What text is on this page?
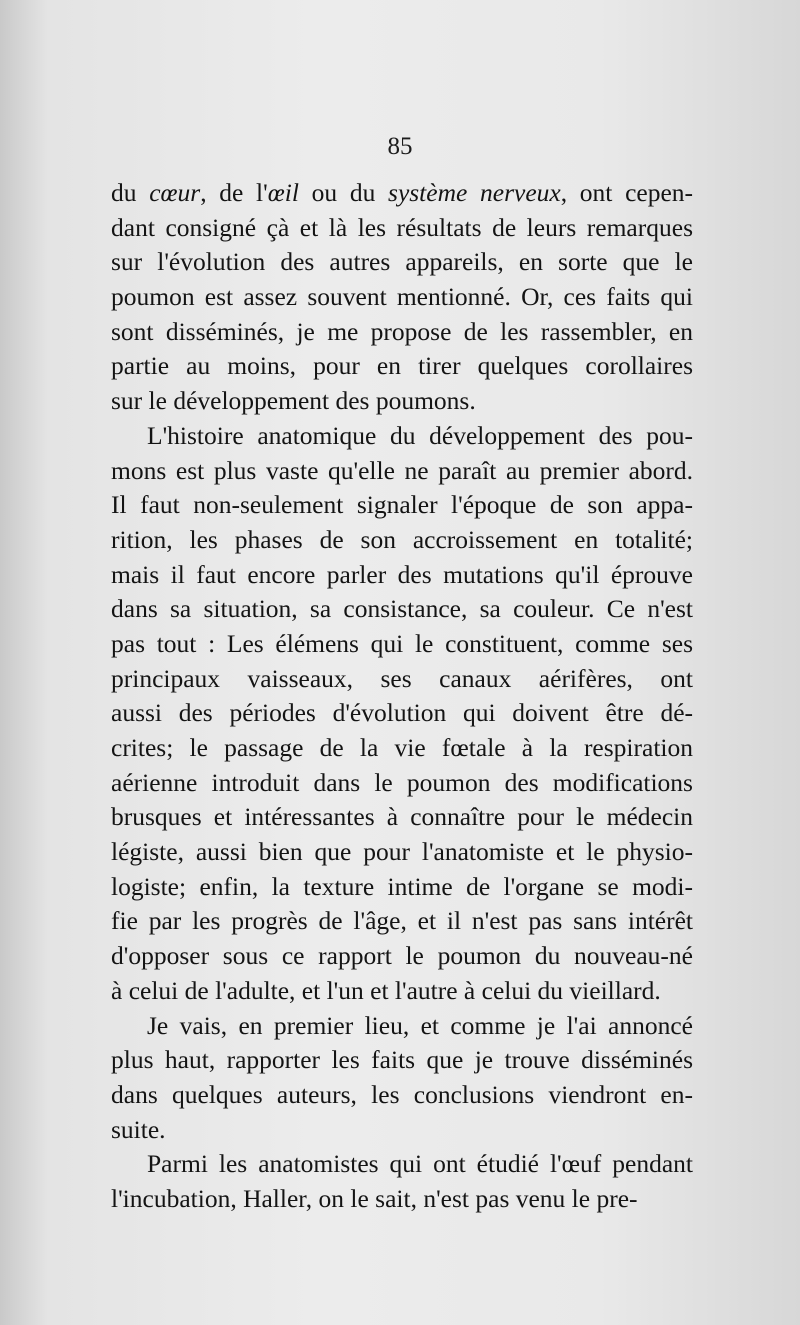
85
du cœur, de l'œil ou du système nerveux, ont cepen-
dant consigné çà et là les résultats de leurs remarques
sur l'évolution des autres appareils, en sorte que le
poumon est assez souvent mentionné. Or, ces faits qui
sont disséminés, je me propose de les rassembler, en
partie au moins, pour en tirer quelques corollaires
sur le développement des poumons.
L'histoire anatomique du développement des pou-
mons est plus vaste qu'elle ne paraît au premier abord.
Il faut non-seulement signaler l'époque de son appa-
rition, les phases de son accroissement en totalité;
mais il faut encore parler des mutations qu'il éprouve
dans sa situation, sa consistance, sa couleur. Ce n'est
pas tout : Les élémens qui le constituent, comme ses
principaux vaisseaux, ses canaux aérifères, ont
aussi des périodes d'évolution qui doivent être dé-
crites; le passage de la vie fœtale à la respiration
aérienne introduit dans le poumon des modifications
brusques et intéressantes à connaître pour le médecin
légiste, aussi bien que pour l'anatomiste et le physio-
logiste; enfin, la texture intime de l'organe se modi-
fie par les progrès de l'âge, et il n'est pas sans intérêt
d'opposer sous ce rapport le poumon du nouveau-né
à celui de l'adulte, et l'un et l'autre à celui du vieillard.
Je vais, en premier lieu, et comme je l'ai annoncé
plus haut, rapporter les faits que je trouve disséminés
dans quelques auteurs, les conclusions viendront en-
suite.
Parmi les anatomistes qui ont étudié l'œuf pendant
l'incubation, Haller, on le sait, n'est pas venu le pre-
